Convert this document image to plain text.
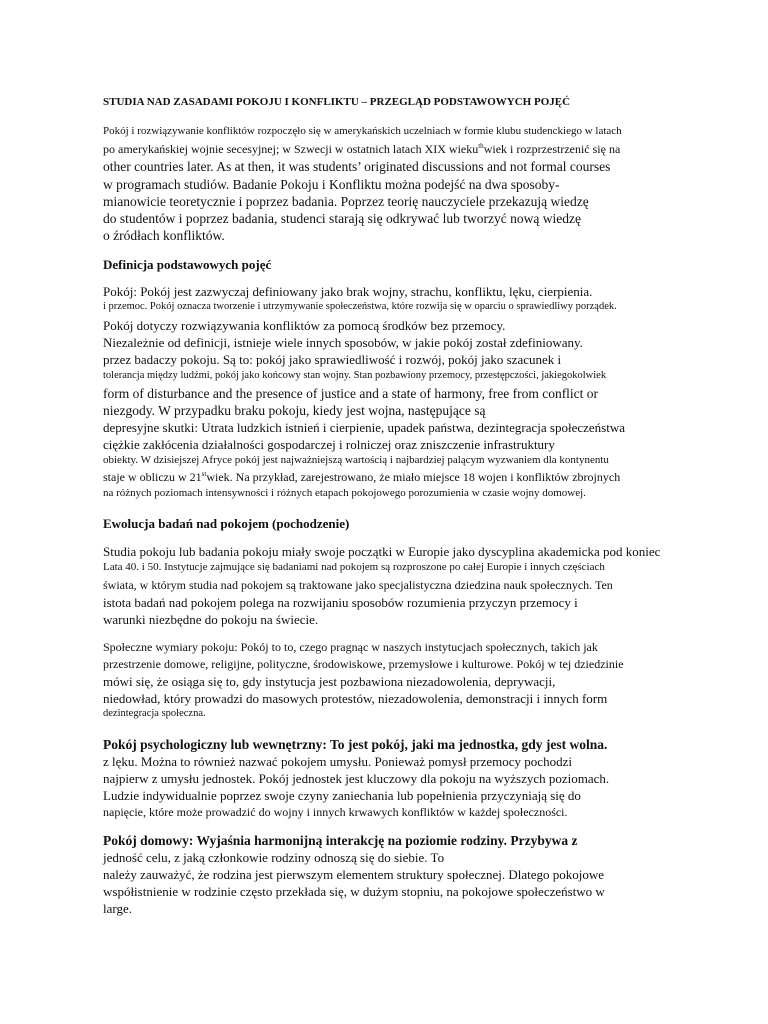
STUDIA NAD ZASADAMI POKOJU I KONFLIKTU – PRZEGLĄD PODSTAWOWYCH POJĘĆ
Pokój i rozwiązywanie konfliktów rozpoczęło się w amerykańskich uczelniach w formie klubu studenckiego w latach
po amerykańskiej wojnie secesyjnej; w Szwecji w ostatnich latach XIX wieku$^{th}$wiek i rozprzestrzenić się na
other countries later. As at then, it was students’ originated discussions and not formal courses
w programach studiów. Badanie Pokoju i Konfliktu można podejść na dwa sposoby-
mianowicie teoretycznie i poprzez badania. Poprzez teorię nauczyciele przekazują wiedzę
do studentów i poprzez badania, studenci starają się odkrywać lub tworzyć nową wiedzę
o źródłach konfliktów.
Definicja podstawowych pojęć
Pokój: Pokój jest zazwyczaj definiowany jako brak wojny, strachu, konfliktu, lęku, cierpienia.
i przemoc. Pokój oznacza tworzenie i utrzymywanie społeczeństwa, które rozwija się w oparciu o sprawiedliwy porządek.
Pokój dotyczy rozwiązywania konfliktów za pomocą środków bez przemocy.
Niezależnie od definicji, istnieje wiele innych sposobów, w jakie pokój został zdefiniowany.
przez badaczy pokoju. Są to: pokój jako sprawiedliwość i rozwój, pokój jako szacunek i
tolerancja między ludźmi, pokój jako końcowy stan wojny. Stan pozbawiony przemocy, przestępczości, jakiegokolwiek
form of disturbance and the presence of justice and a state of harmony, free from conflict or
niezgody. W przypadku braku pokoju, kiedy jest wojna, następujące są
depresyjne skutki: Utrata ludzkich istnień i cierpienie, upadek państwa, dezintegracja społeczeństwa
ciężkie zakłócenia działalności gospodarczej i rolniczej oraz zniszczenie infrastruktury
obiekty. W dzisiejszej Afryce pokój jest najważniejszą wartością i najbardziej palącym wyzwaniem dla kontynentu
staje w obliczu w 21stwiek. Na przykład, zarejestrowano, że miało miejsce 18 wojen i konfliktów zbrojnych
na różnych poziomach intensywności i różnych etapach pokojowego porozumienia w czasie wojny domowej.
Ewolucja badań nad pokojem (pochodzenie)
Studia pokoju lub badania pokoju miały swoje początki w Europie jako dyscyplina akademicka pod koniec
Lata 40. i 50. Instytucje zajmujące się badaniami nad pokojem są rozproszone po całej Europie i innych częściach
świata, w którym studia nad pokojem są traktowane jako specjalistyczna dziedzina nauk społecznych. Ten
istota badań nad pokojem polega na rozwijaniu sposobów rozumienia przyczyn przemocy i
warunki niezbędne do pokoju na świecie.
Społeczne wymiary pokoju: Pokój to to, czego pragnąc w naszych instytucjach społecznych, takich jak
przestrzenie domowe, religijne, polityczne, środowiskowe, przemysłowe i kulturowe. Pokój w tej dziedzinie
mówi się, że osiąga się to, gdy instytucja jest pozbawiona niezadowolenia, deprywacji,
niedowład, który prowadzi do masowych protestów, niezadowolenia, demonstracji i innych form
dezintegracja społeczna.
Pokój psychologiczny lub wewnętrzny: To jest pokój, jaki ma jednostka, gdy jest wolna.
z lęku. Można to również nazwać pokojem umysłu. Ponieważ pomysł przemocy pochodzi
najpierw z umysłu jednostek. Pokój jednostek jest kluczowy dla pokoju na wyższych poziomach.
Ludzie indywidualnie poprzez swoje czyny zaniechania lub popełnienia przyczyniają się do
napięcie, które może prowadzić do wojny i innych krwawych konfliktów w każdej społeczności.
Pokój domowy: Wyjaśnia harmonijną interakcję na poziomie rodziny. Przybywa z
jedność celu, z jaką członkowie rodziny odnoszą się do siebie. To
należy zauważyć, że rodzina jest pierwszym elementem struktury społecznej. Dlatego pokojowe
współistnienie w rodzinie często przekłada się, w dużym stopniu, na pokojowe społeczeństwo w
large.
